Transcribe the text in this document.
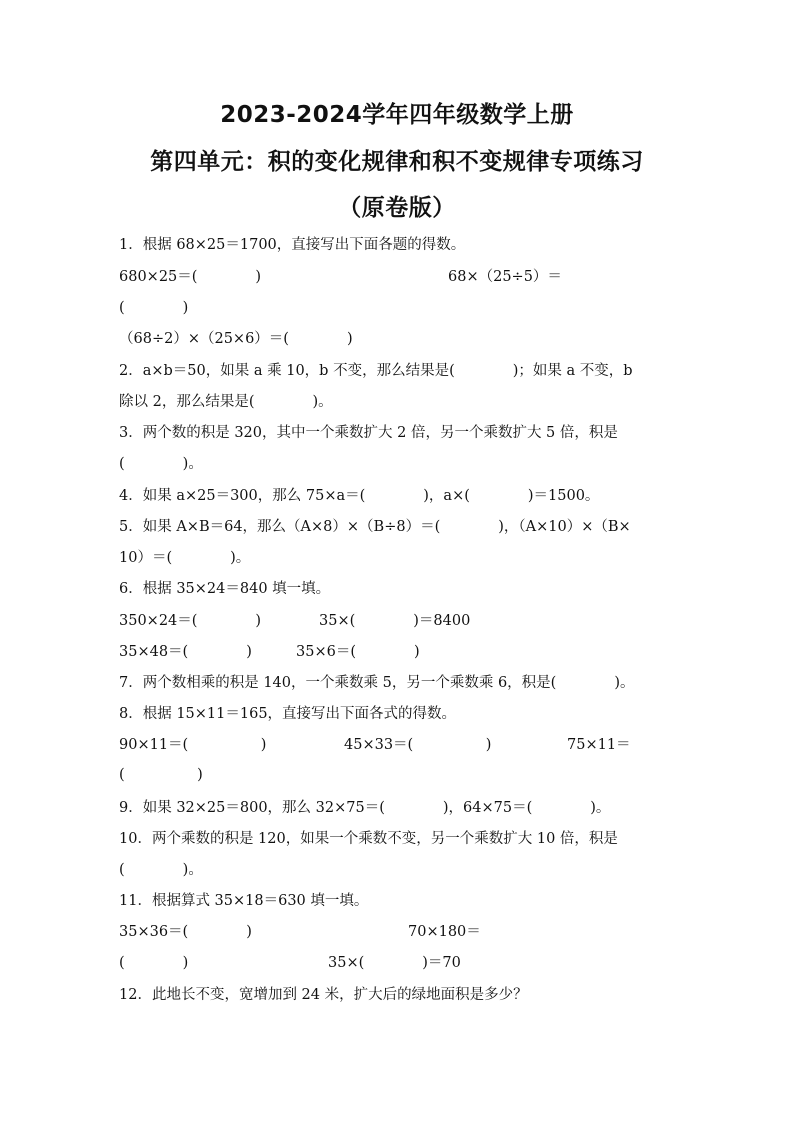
2023-2024学年四年级数学上册
第四单元：积的变化规律和积不变规律专项练习
（原卷版）
1．根据 68×25＝1700，直接写出下面各题的得数。
680×25＝(　　　　)	68×（25÷5）＝
(　　　　)
（68÷2）×（25×6）＝(　　　　)
2．a×b＝50，如果 a 乘 10，b 不变，那么结果是(　　　　)；如果 a 不变，b
除以 2，那么结果是(　　　　)。
3．两个数的积是 320，其中一个乘数扩大 2 倍，另一个乘数扩大 5 倍，积是
(　　　　)。
4．如果 a×25＝300，那么 75×a＝(　　　　)，a×(　　　　)＝1500。
5．如果 A×B＝64，那么（A×8）×（B÷8）＝(　　　　)，（A×10）×（B×
10）＝(　　　　)。
6．根据 35×24＝840 填一填。
350×24＝(　　　　)	35×(　　　　)＝8400
35×48＝(　　　　)	35×6＝(　　　　)
7．两个数相乘的积是 140，一个乘数乘 5，另一个乘数乘 6，积是(　　　　)。
8．根据 15×11＝165，直接写出下面各式的得数。
90×11＝(　　　　　)	45×33＝(　　　　　)	75×11＝
(　　　　　)
9．如果 32×25＝800，那么 32×75＝(　　　　)，64×75＝(　　　　)。
10．两个乘数的积是 120，如果一个乘数不变，另一个乘数扩大 10 倍，积是
(　　　　)。
11．根据算式 35×18＝630 填一填。
35×36＝(　　　　)	70×180＝
(　　　　)	35×(　　　　)＝70
12．此地长不变，宽增加到 24 米，扩大后的绿地面积是多少？
